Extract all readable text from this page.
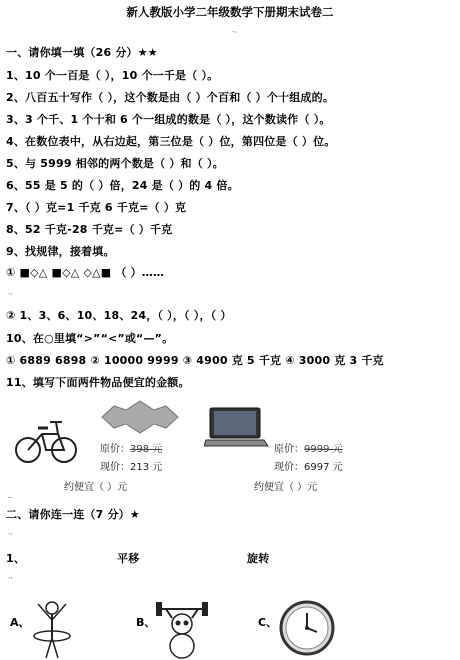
新人教版小学二年级数学下册期末试卷二
.,
一、请你填一填（26 分）★★
1、10 个一百是（ ），10 个一千是（ ）。
2、八百五十写作（ ），这个数是由（ ）个百和（ ）个十组成的。
3、3 个千、1 个十和 6 个一组成的数是（ ），这个数读作（ ）。
4、在数位表中，从右边起，第三位是（ ）位，第四位是（ ）位。
5、与 5999 相邻的两个数是（ ）和（ ）。
6、55 是 5 的（ ）倍，24 是（ ）的 4 倍。
7、（ ）克=1 千克 6 千克=（ ）克
8、52 千克-28 千克=（ ）千克
9、找规律，接着填。
① ■◇△ ■◇△ ◇△■ （ ）……
.,
② 1、3、6、10、18、24，（ ），（ ），（ ）
10、在○里填“>”“<”或“—”。
① 6889 6898 ② 10000 9999 ③ 4900 克 5 千克 ④ 3000 克 3 千克
11、填写下面两件物品便宜的金额。
原价：398 元
现价：213 元
原价：9999 元
现价：6997 元
约便宜（ ）元	约便宜（ ）元
_
二、请你连一连（7 分）★
.,
1、	平移	旋转
.,
A、	B、	C、
